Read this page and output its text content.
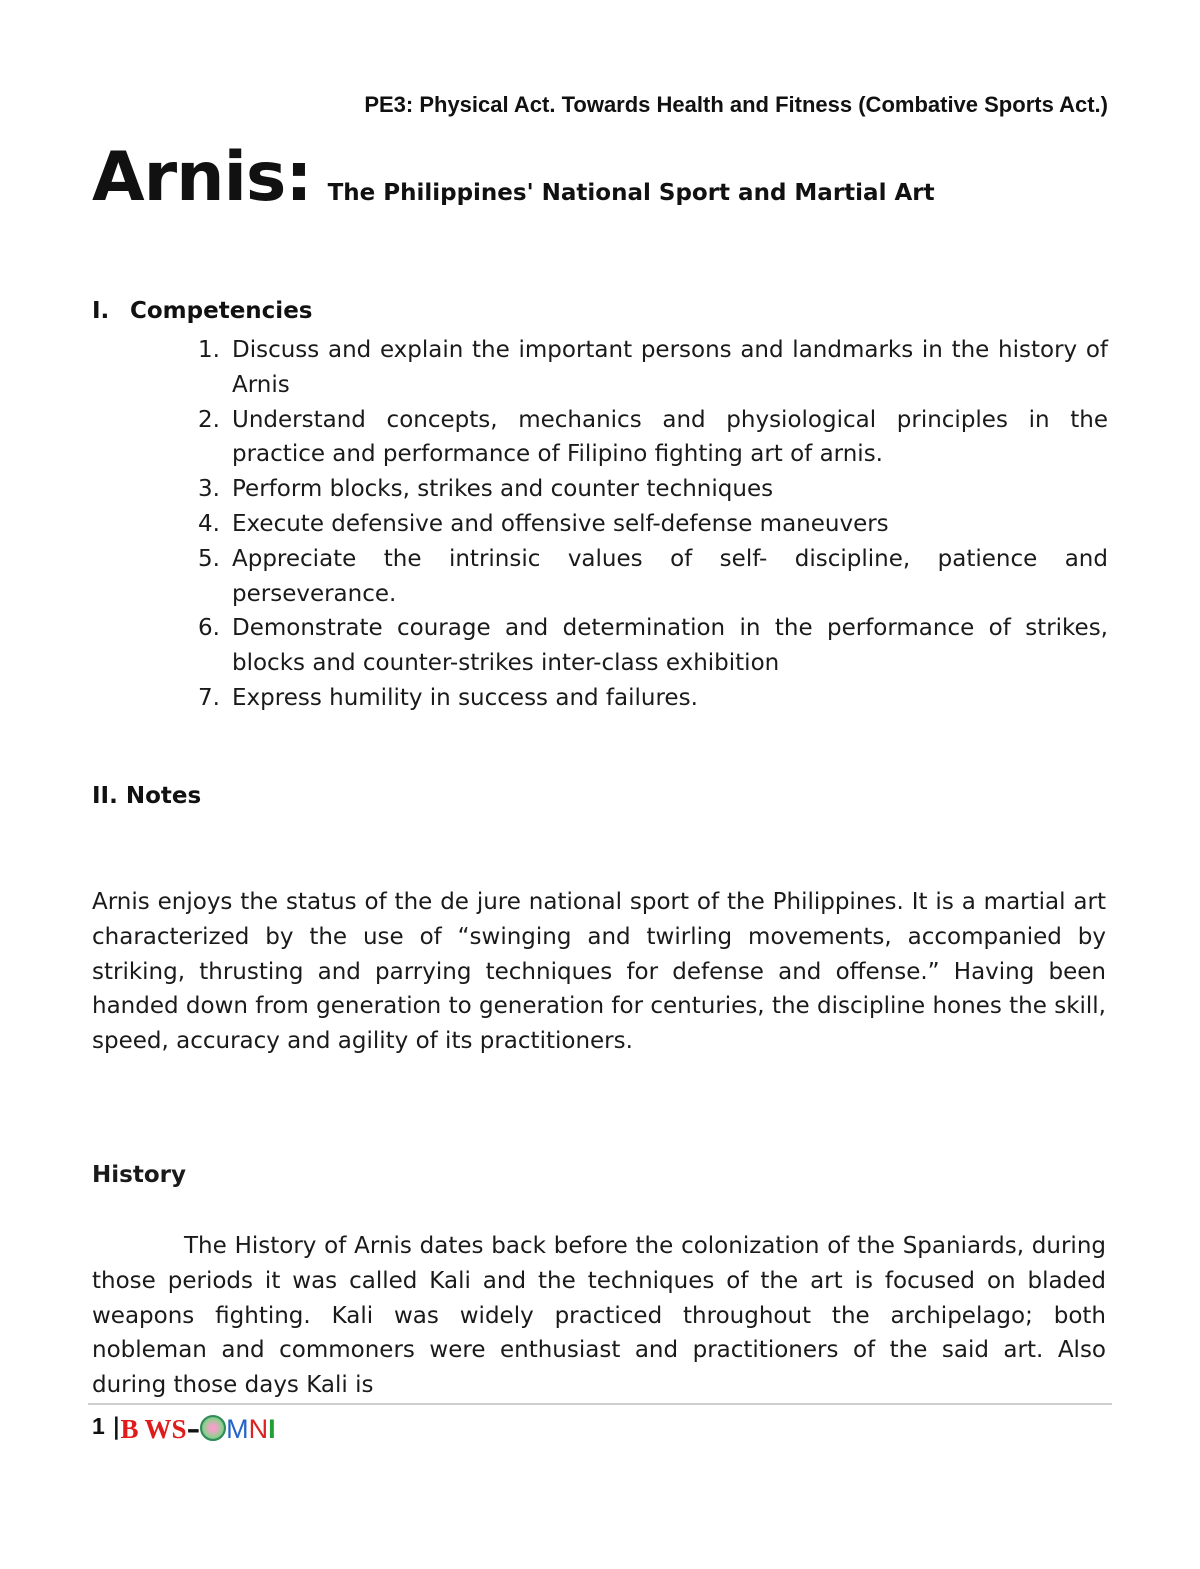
PE3: Physical Act. Towards Health and Fitness (Combative Sports Act.)
Arnis: The Philippines' National Sport and Martial Art
I. Competencies
1. Discuss and explain the important persons and landmarks in the history of Arnis
2. Understand concepts, mechanics and physiological principles in the practice and performance of Filipino fighting art of arnis.
3. Perform blocks, strikes and counter techniques
4. Execute defensive and offensive self-defense maneuvers
5. Appreciate the intrinsic values of self- discipline, patience and perseverance.
6. Demonstrate courage and determination in the performance of strikes, blocks and counter-strikes inter-class exhibition
7. Express humility in success and failures.
II. Notes

Arnis enjoys the status of the de jure national sport of the Philippines. It is a martial art characterized by the use of “swinging and twirling movements, accompanied by striking, thrusting and parrying techniques for defense and offense.” Having been handed down from generation to generation for centuries, the discipline hones the skill, speed, accuracy and agility of its practitioners.

History

The History of Arnis dates back before the colonization of the Spaniards, during those periods it was called Kali and the techniques of the art is focused on bladed weapons fighting. Kali was widely practiced throughout the archipelago; both nobleman and commoners were enthusiast and practitioners of the said art. Also during those days Kali is

1 |B WS– MNI
